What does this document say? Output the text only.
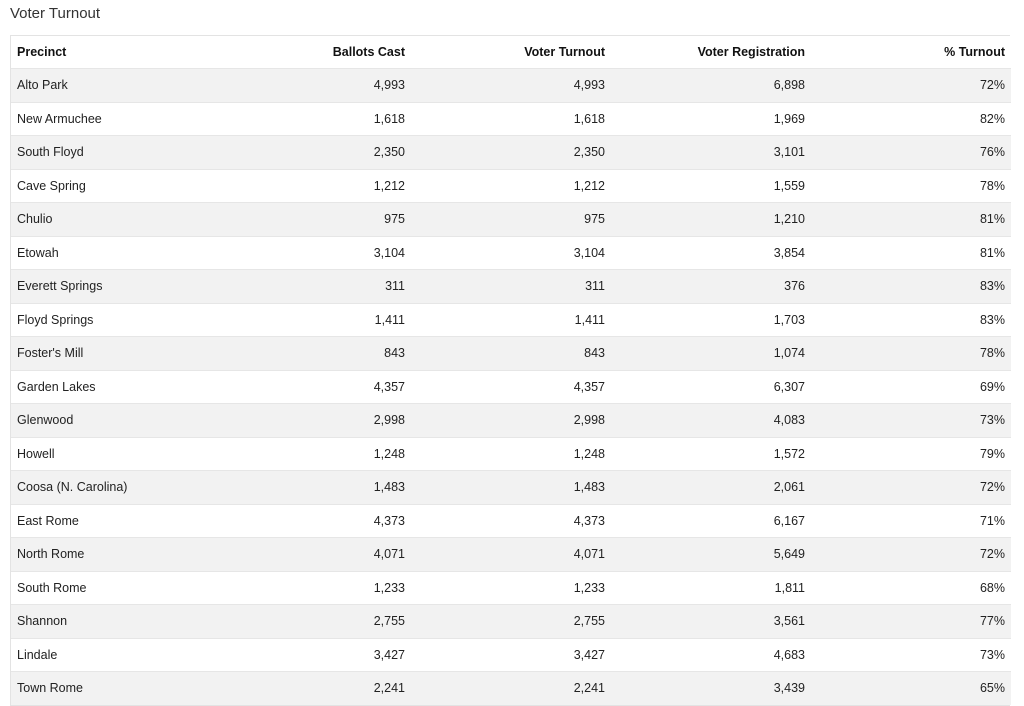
Voter Turnout
Precinct	Ballots Cast	Voter Turnout	Voter Registration	% Turnout
Alto Park	4,993	4,993	6,898	72%
New Armuchee	1,618	1,618	1,969	82%
South Floyd	2,350	2,350	3,101	76%
Cave Spring	1,212	1,212	1,559	78%
Chulio	975	975	1,210	81%
Etowah	3,104	3,104	3,854	81%
Everett Springs	311	311	376	83%
Floyd Springs	1,411	1,411	1,703	83%
Foster's Mill	843	843	1,074	78%
Garden Lakes	4,357	4,357	6,307	69%
Glenwood	2,998	2,998	4,083	73%
Howell	1,248	1,248	1,572	79%
Coosa (N. Carolina)	1,483	1,483	2,061	72%
East Rome	4,373	4,373	6,167	71%
North Rome	4,071	4,071	5,649	72%
South Rome	1,233	1,233	1,811	68%
Shannon	2,755	2,755	3,561	77%
Lindale	3,427	3,427	4,683	73%
Town Rome	2,241	2,241	3,439	65%
